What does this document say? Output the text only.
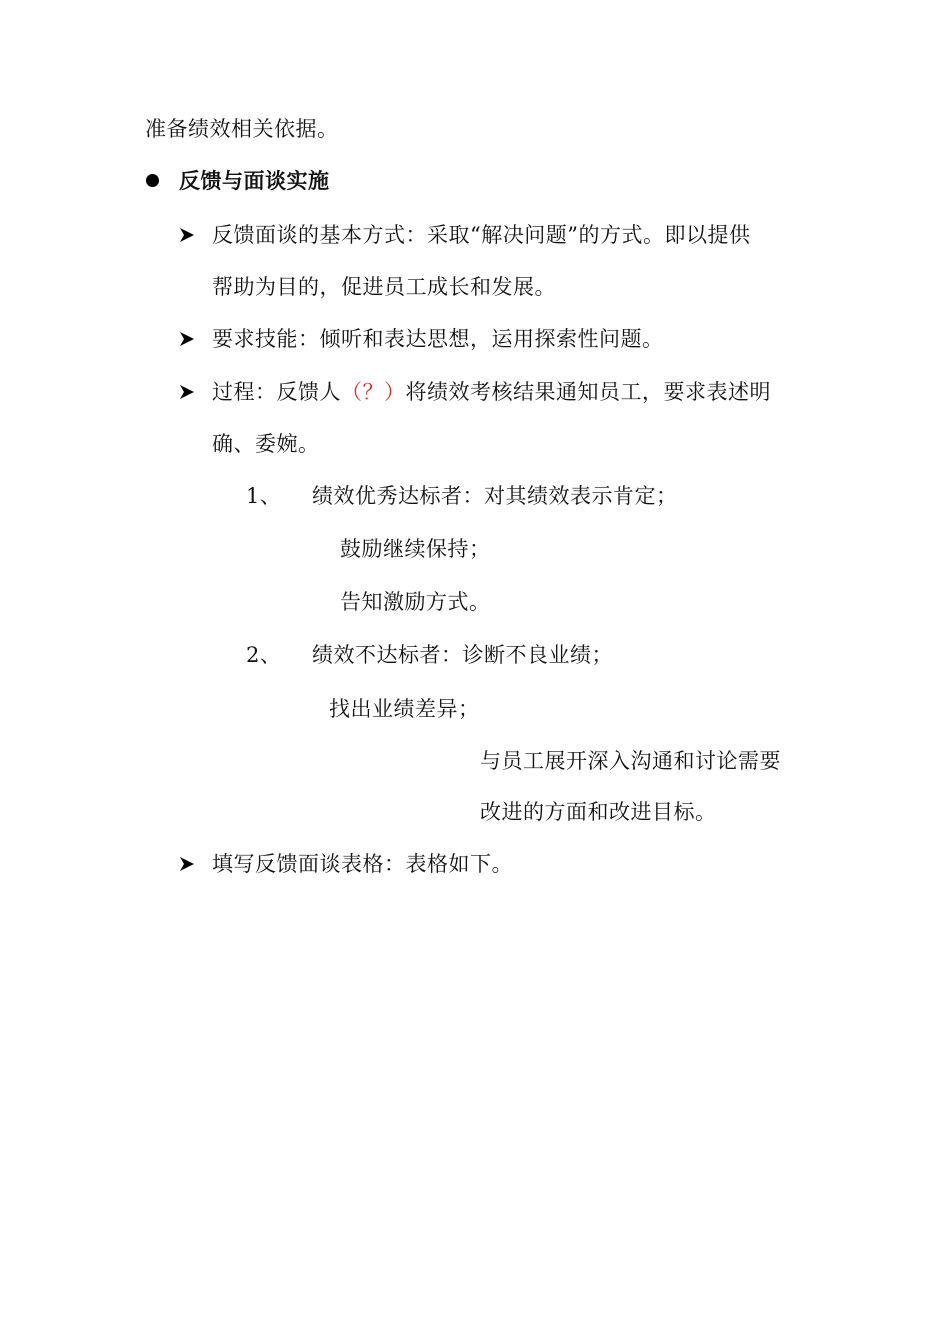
准备绩效相关依据。
反馈与面谈实施
反馈面谈的基本方式：采取“解决问题”的方式。即以提供
帮助为目的，促进员工成长和发展。
要求技能：倾听和表达思想，运用探索性问题。
过程：反馈人（？）将绩效考核结果通知员工，要求表述明
确、委婉。
1、 绩效优秀达标者：对其绩效表示肯定；
鼓励继续保持；
告知激励方式。
2、 绩效不达标者：诊断不良业绩；
找出业绩差异；
与员工展开深入沟通和讨论需要
改进的方面和改进目标。
填写反馈面谈表格：表格如下。
